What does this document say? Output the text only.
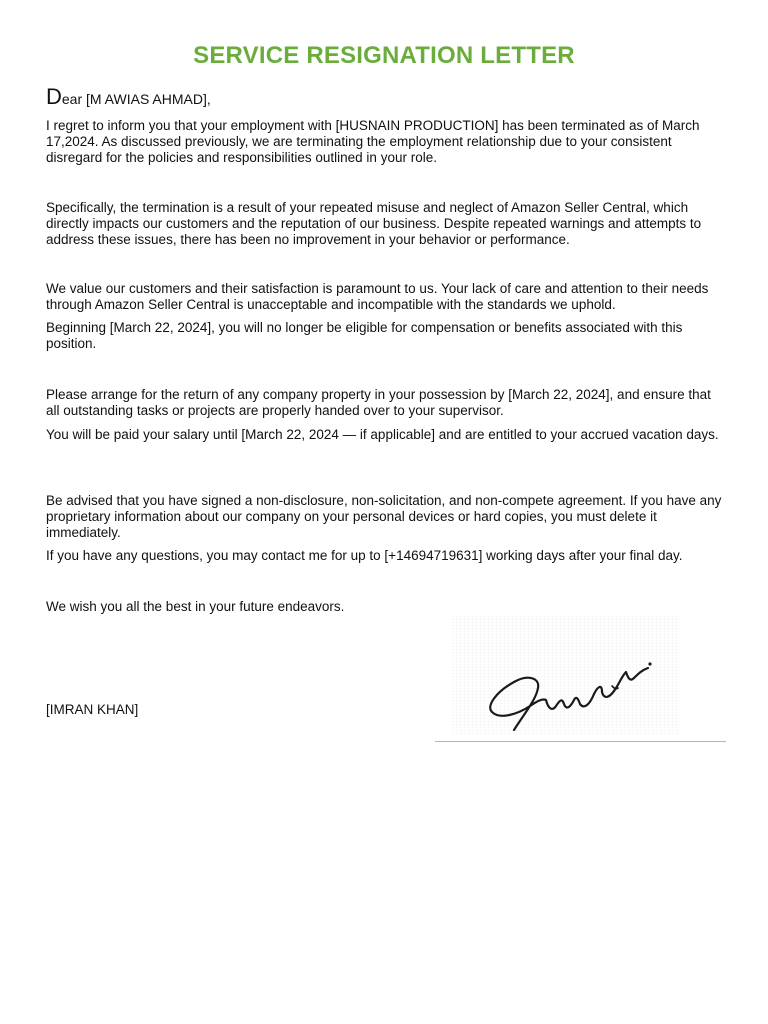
SERVICE RESIGNATION LETTER

Dear [M AWIAS AHMAD],

I regret to inform you that your employment with [HUSNAIN PRODUCTION] has been terminated as of March 17,2024. As discussed previously, we are terminating the employment relationship due to your consistent disregard for the policies and responsibilities outlined in your role.

Specifically, the termination is a result of your repeated misuse and neglect of Amazon Seller Central, which directly impacts our customers and the reputation of our business. Despite repeated warnings and attempts to address these issues, there has been no improvement in your behavior or performance.

We value our customers and their satisfaction is paramount to us. Your lack of care and attention to their needs through Amazon Seller Central is unacceptable and incompatible with the standards we uphold.

Beginning [March 22, 2024], you will no longer be eligible for compensation or benefits associated with this position.

Please arrange for the return of any company property in your possession by [March 22, 2024], and ensure that all outstanding tasks or projects are properly handed over to your supervisor.

You will be paid your salary until [March 22, 2024 — if applicable] and are entitled to your accrued vacation days.

Be advised that you have signed a non-disclosure, non-solicitation, and non-compete agreement. If you have any proprietary information about our company on your personal devices or hard copies, you must delete it immediately.

If you have any questions, you may contact me for up to [+14694719631] working days after your final day.

We wish you all the best in your future endeavors.

[IMRAN KHAN]
